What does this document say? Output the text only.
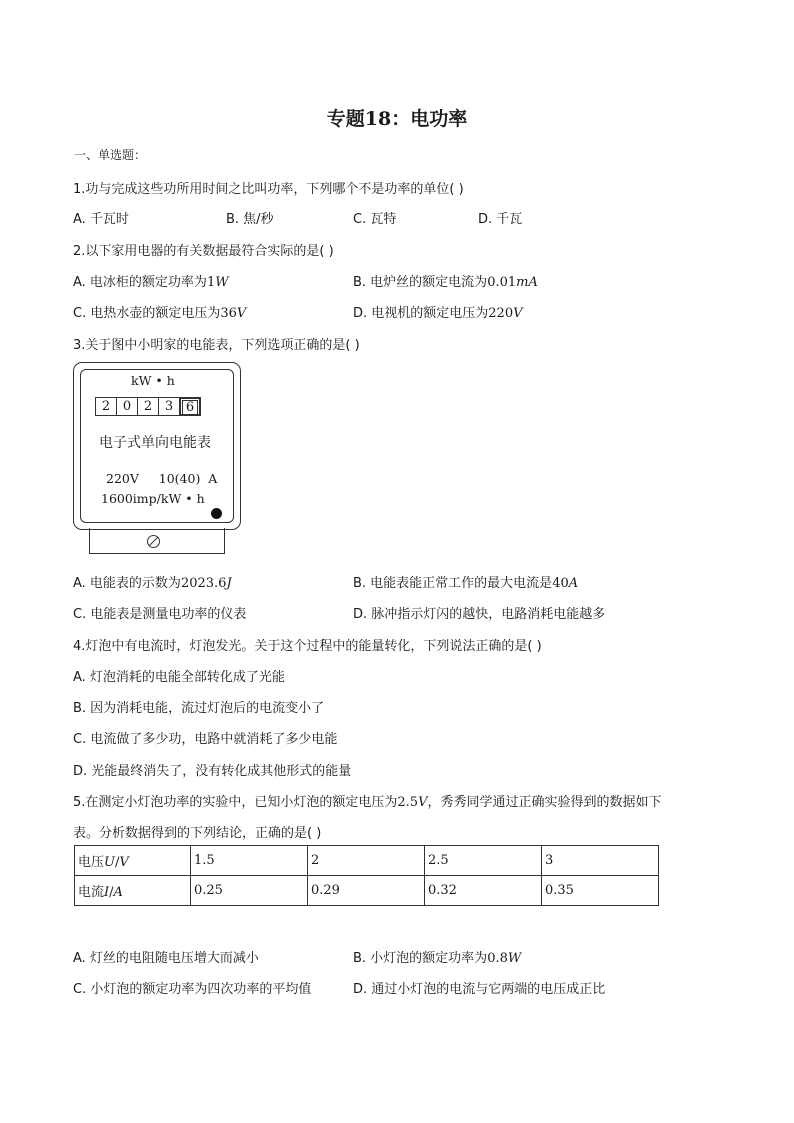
专题18：电功率
一、单选题：
1.功与完成这些功所用时间之比叫功率，下列哪个不是功率的单位( )
A. 千瓦时	B. 焦/秒	C. 瓦特	D. 千瓦
2.以下家用电器的有关数据最符合实际的是( )
A. 电冰柜的额定功率为1W	B. 电炉丝的额定电流为0.01mA
C. 电热水壶的额定电压为36V	D. 电视机的额定电压为220V
3.关于图中小明家的电能表，下列选项正确的是( )
kW • h
2 0 2 3 6
电子式单向电能表
220V     10(40)  A
1600imp/kW • h
A. 电能表的示数为2023.6J	B. 电能表能正常工作的最大电流是40A
C. 电能表是测量电功率的仪表	D. 脉冲指示灯闪的越快，电路消耗电能越多
4.灯泡中有电流时，灯泡发光。关于这个过程中的能量转化，下列说法正确的是( )
A. 灯泡消耗的电能全部转化成了光能
B. 因为消耗电能，流过灯泡后的电流变小了
C. 电流做了多少功，电路中就消耗了多少电能
D. 光能最终消失了，没有转化成其他形式的能量
5.在测定小灯泡功率的实验中，已知小灯泡的额定电压为2.5V，秀秀同学通过正确实验得到的数据如下
表。分析数据得到的下列结论，正确的是( )
电压U/V	1.5	2	2.5	3
电流I/A	0.25	0.29	0.32	0.35
A. 灯丝的电阻随电压增大而减小	B. 小灯泡的额定功率为0.8W
C. 小灯泡的额定功率为四次功率的平均值	D. 通过小灯泡的电流与它两端的电压成正比
